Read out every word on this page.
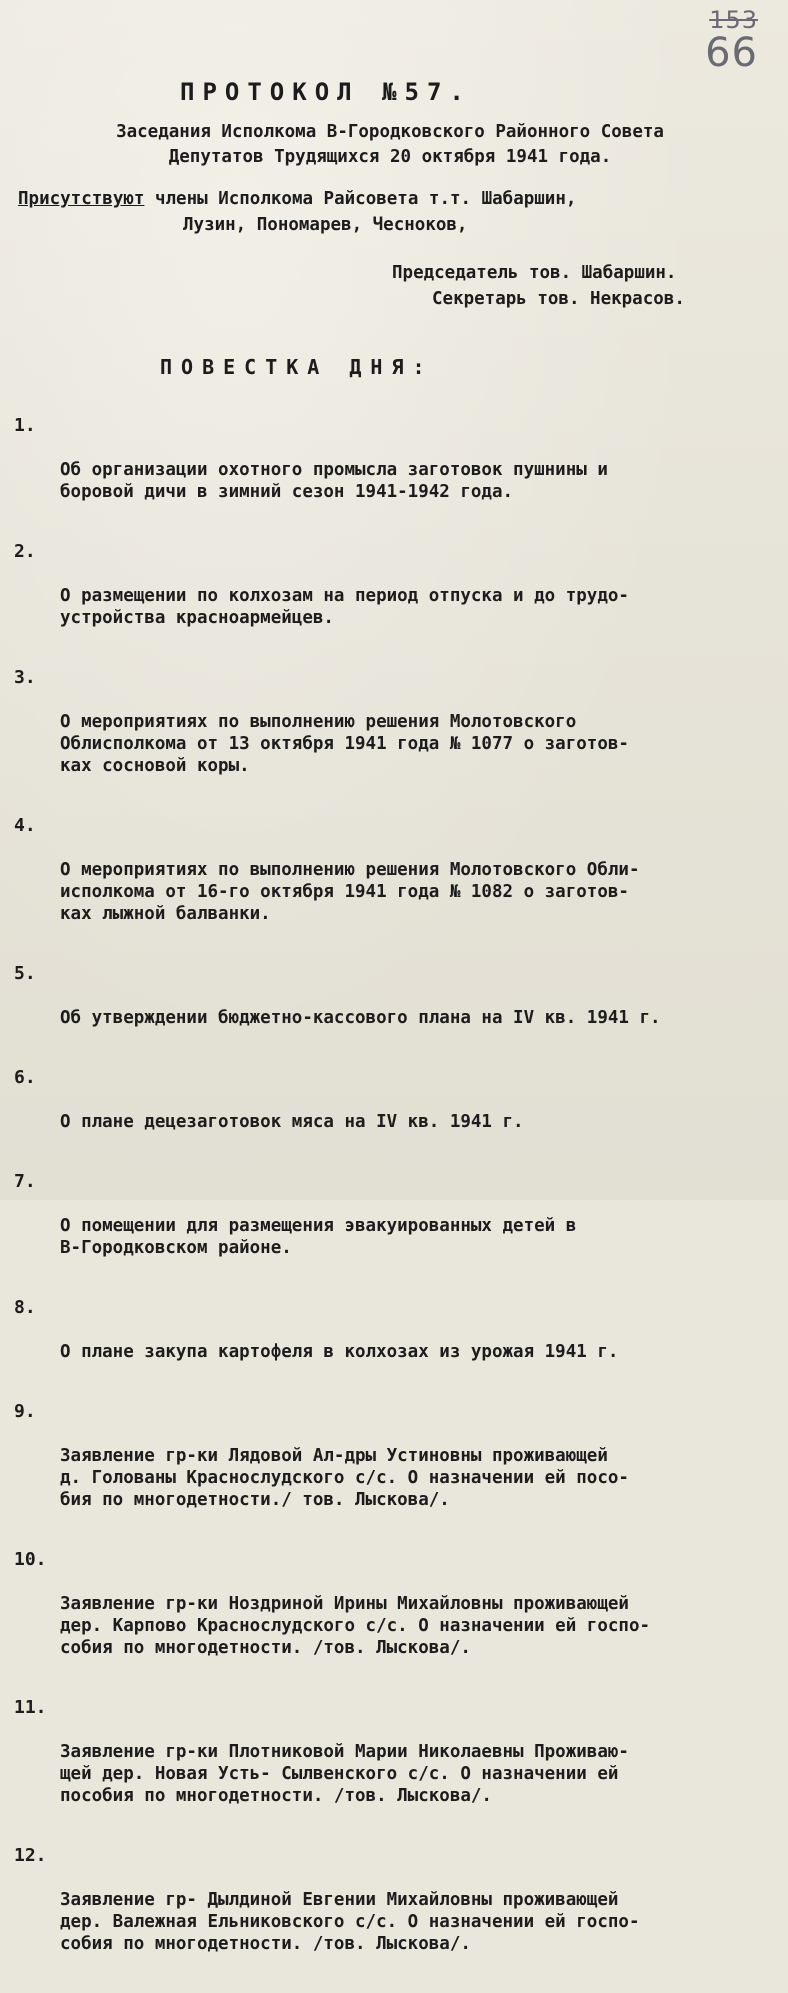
153
66
ПРОТОКОЛ №57.
Заседания Исполкома В-Городковского Районного Совета
Депутатов Трудящихся 20 октября 1941 года.
Присутствуют члены Исполкома Райсовета т.т. Шабаршин,
Лузин, Пономарев, Чесноков,
Председатель тов. Шабаршин.
Секретарь тов. Некрасов.
ПОВЕСТКА ДНЯ:

1.

Об организации охотного промысла заготовок пушнины и
боровой дичи в зимний сезон 1941-1942 года.

2.

О размещении по колхозам на период отпуска и до трудо-
устройства красноармейцев.

3.

О мероприятиях по выполнению решения Молотовского
Облисполкома от 13 октября 1941 года № 1077 о заготов-
ках сосновой коры.

4.

О мероприятиях по выполнению решения Молотовского Обли-
исполкома от 16-го октября 1941 года № 1082 о заготов-
ках лыжной балванки.

5.

Об утверждении бюджетно-кассового плана на IV кв. 1941 г.

6.

О плане децезаготовок мяса на IV кв. 1941 г.

7.

О помещении для размещения эвакуированных детей в
В-Городковском районе.

8.

О плане закупа картофеля в колхозах из урожая 1941 г.

9.

Заявление гр-ки Лядовой Ал-дры Устиновны проживающей
д. Голованы Краснослудского с/с. О назначении ей посо-
бия по многодетности./ тов. Лыскова/.

10.

Заявление гр-ки Ноздриной Ирины Михайловны проживающей
дер. Карпово Краснослудского с/с. О назначении ей госпо-
собия по многодетности. /тов. Лыскова/.

11.

Заявление гр-ки Плотниковой Марии Николаевны Проживаю-
щей дер. Новая Усть- Сылвенского с/с. О назначении ей
пособия по многодетности. /тов. Лыскова/.

12.

Заявление гр- Дылдиной Евгении Михайловны проживающей
дер. Валежная Ельниковского с/с. О назначении ей госпо-
собия по многодетности. /тов. Лыскова/.
